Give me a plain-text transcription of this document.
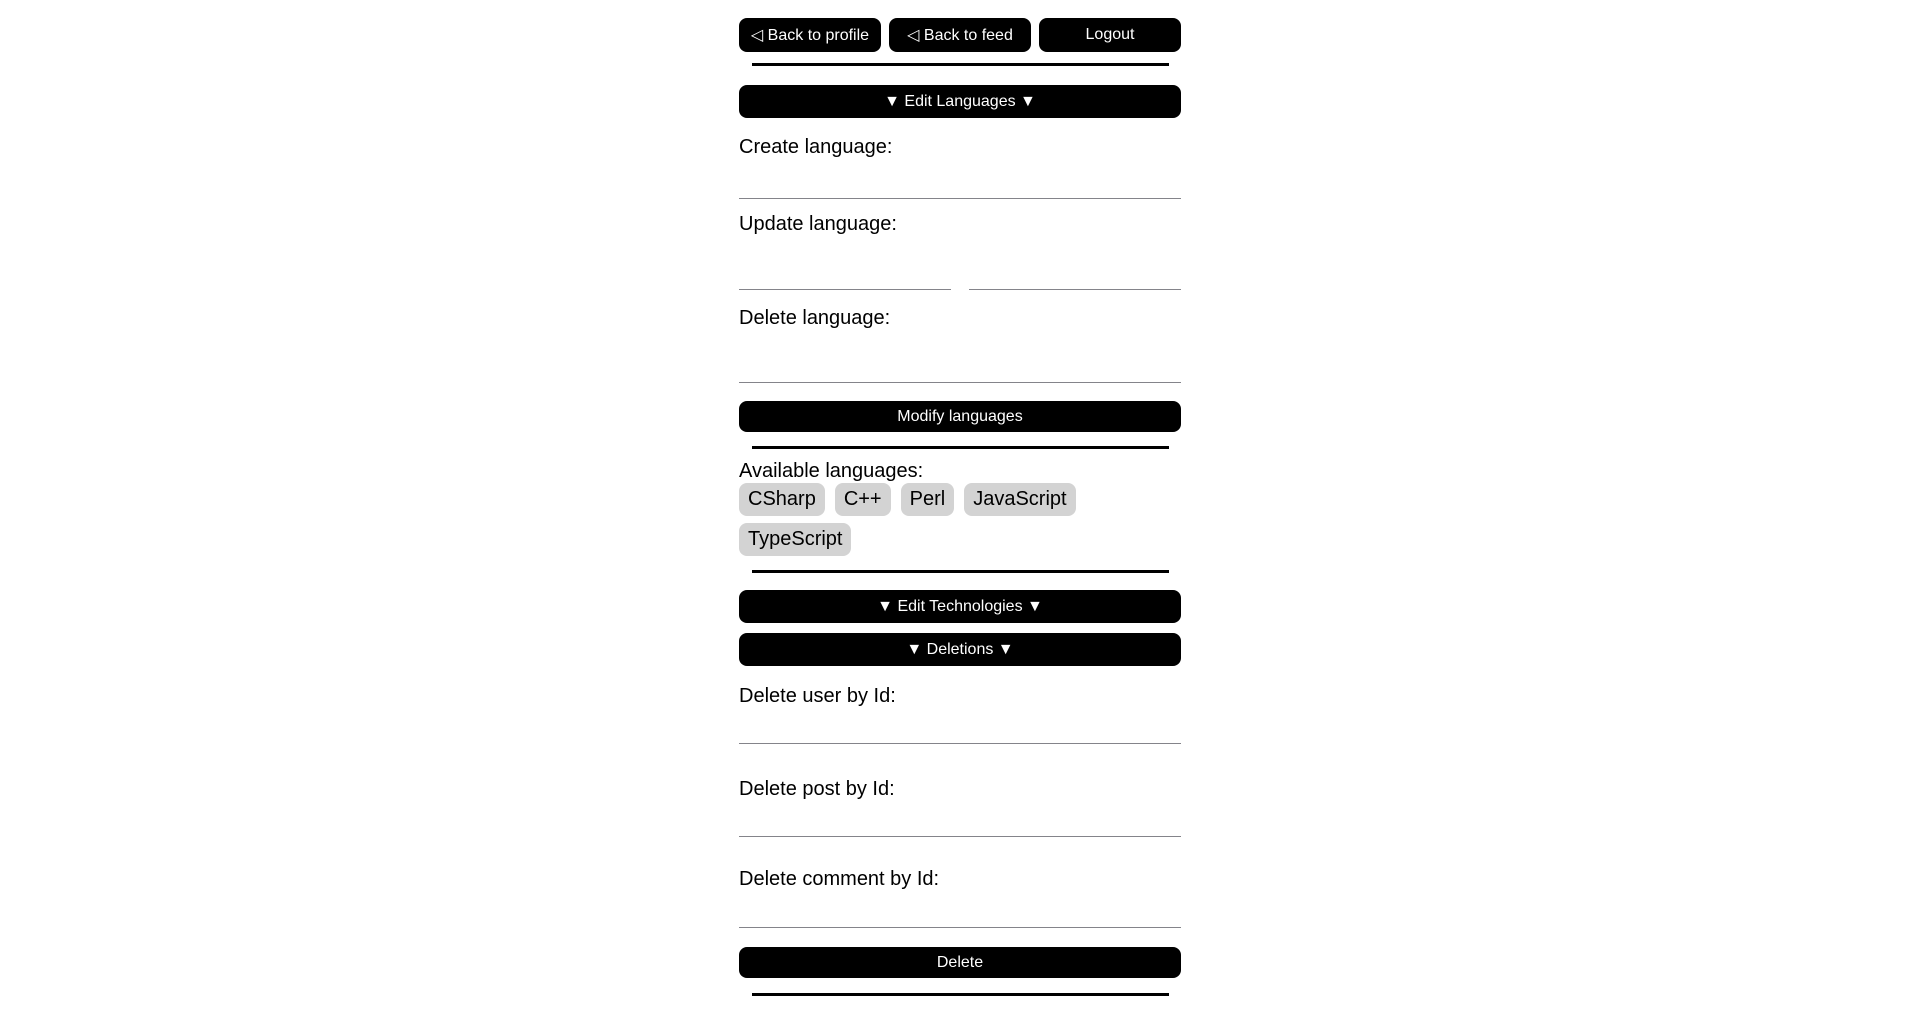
◁ Back to profile	◁ Back to feed	Logout
▼ Edit Languages ▼
Create language:
Update language:
Delete language:
Modify languages
Available languages:
CSharp	C++	Perl	JavaScript
TypeScript
▼ Edit Technologies ▼
▼ Deletions ▼
Delete user by Id:
Delete post by Id:
Delete comment by Id:
Delete
